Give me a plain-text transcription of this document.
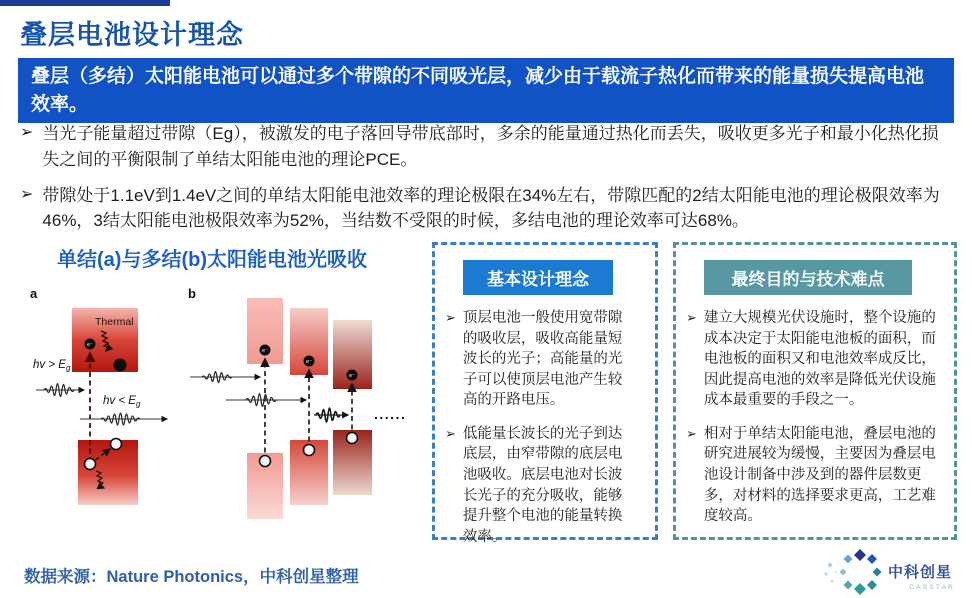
叠层电池设计理念
叠层（多结）太阳能电池可以通过多个带隙的不同吸光层，减少由于载流子热化而带来的能量损失提高电池效率。
➢ 当光子能量超过带隙（Eg），被激发的电子落回导带底部时，多余的能量通过热化而丢失，吸收更多光子和最小化热化损失之间的平衡限制了单结太阳能电池的理论PCE。
➢ 带隙处于1.1eV到1.4eV之间的单结太阳能电池效率的理论极限在34%左右，带隙匹配的2结太阳能电池的理论极限效率为46%，3结太阳能电池极限效率为52%，当结数不受限的时候，多结电池的理论效率可达68%。
单结(a)与多结(b)太阳能电池光吸收
a
Thermal
e⁻
hv > $E_g$
hv < $E_g$
b
e⁻
e⁻
e⁻
......
基本设计理念
➢ 顶层电池一般使用宽带隙的吸收层，吸收高能量短波长的光子；高能量的光子可以使顶层电池产生较高的开路电压。
➢ 低能量长波长的光子到达底层，由窄带隙的底层电池吸收。底层电池对长波长光子的充分吸收，能够提升整个电池的能量转换效率。
最终目的与技术难点
➢ 建立大规模光伏设施时，整个设施的成本决定于太阳能电池板的面积，而电池板的面积又和电池效率成反比，因此提高电池的效率是降低光伏设施成本最重要的手段之一。
➢ 相对于单结太阳能电池，叠层电池的研究进展较为缓慢，主要因为叠层电池设计制备中涉及到的器件层数更多，对材料的选择要求更高，工艺难度较高。
数据来源：Nature Photonics，中科创星整理	中科创星
CASSTAR
